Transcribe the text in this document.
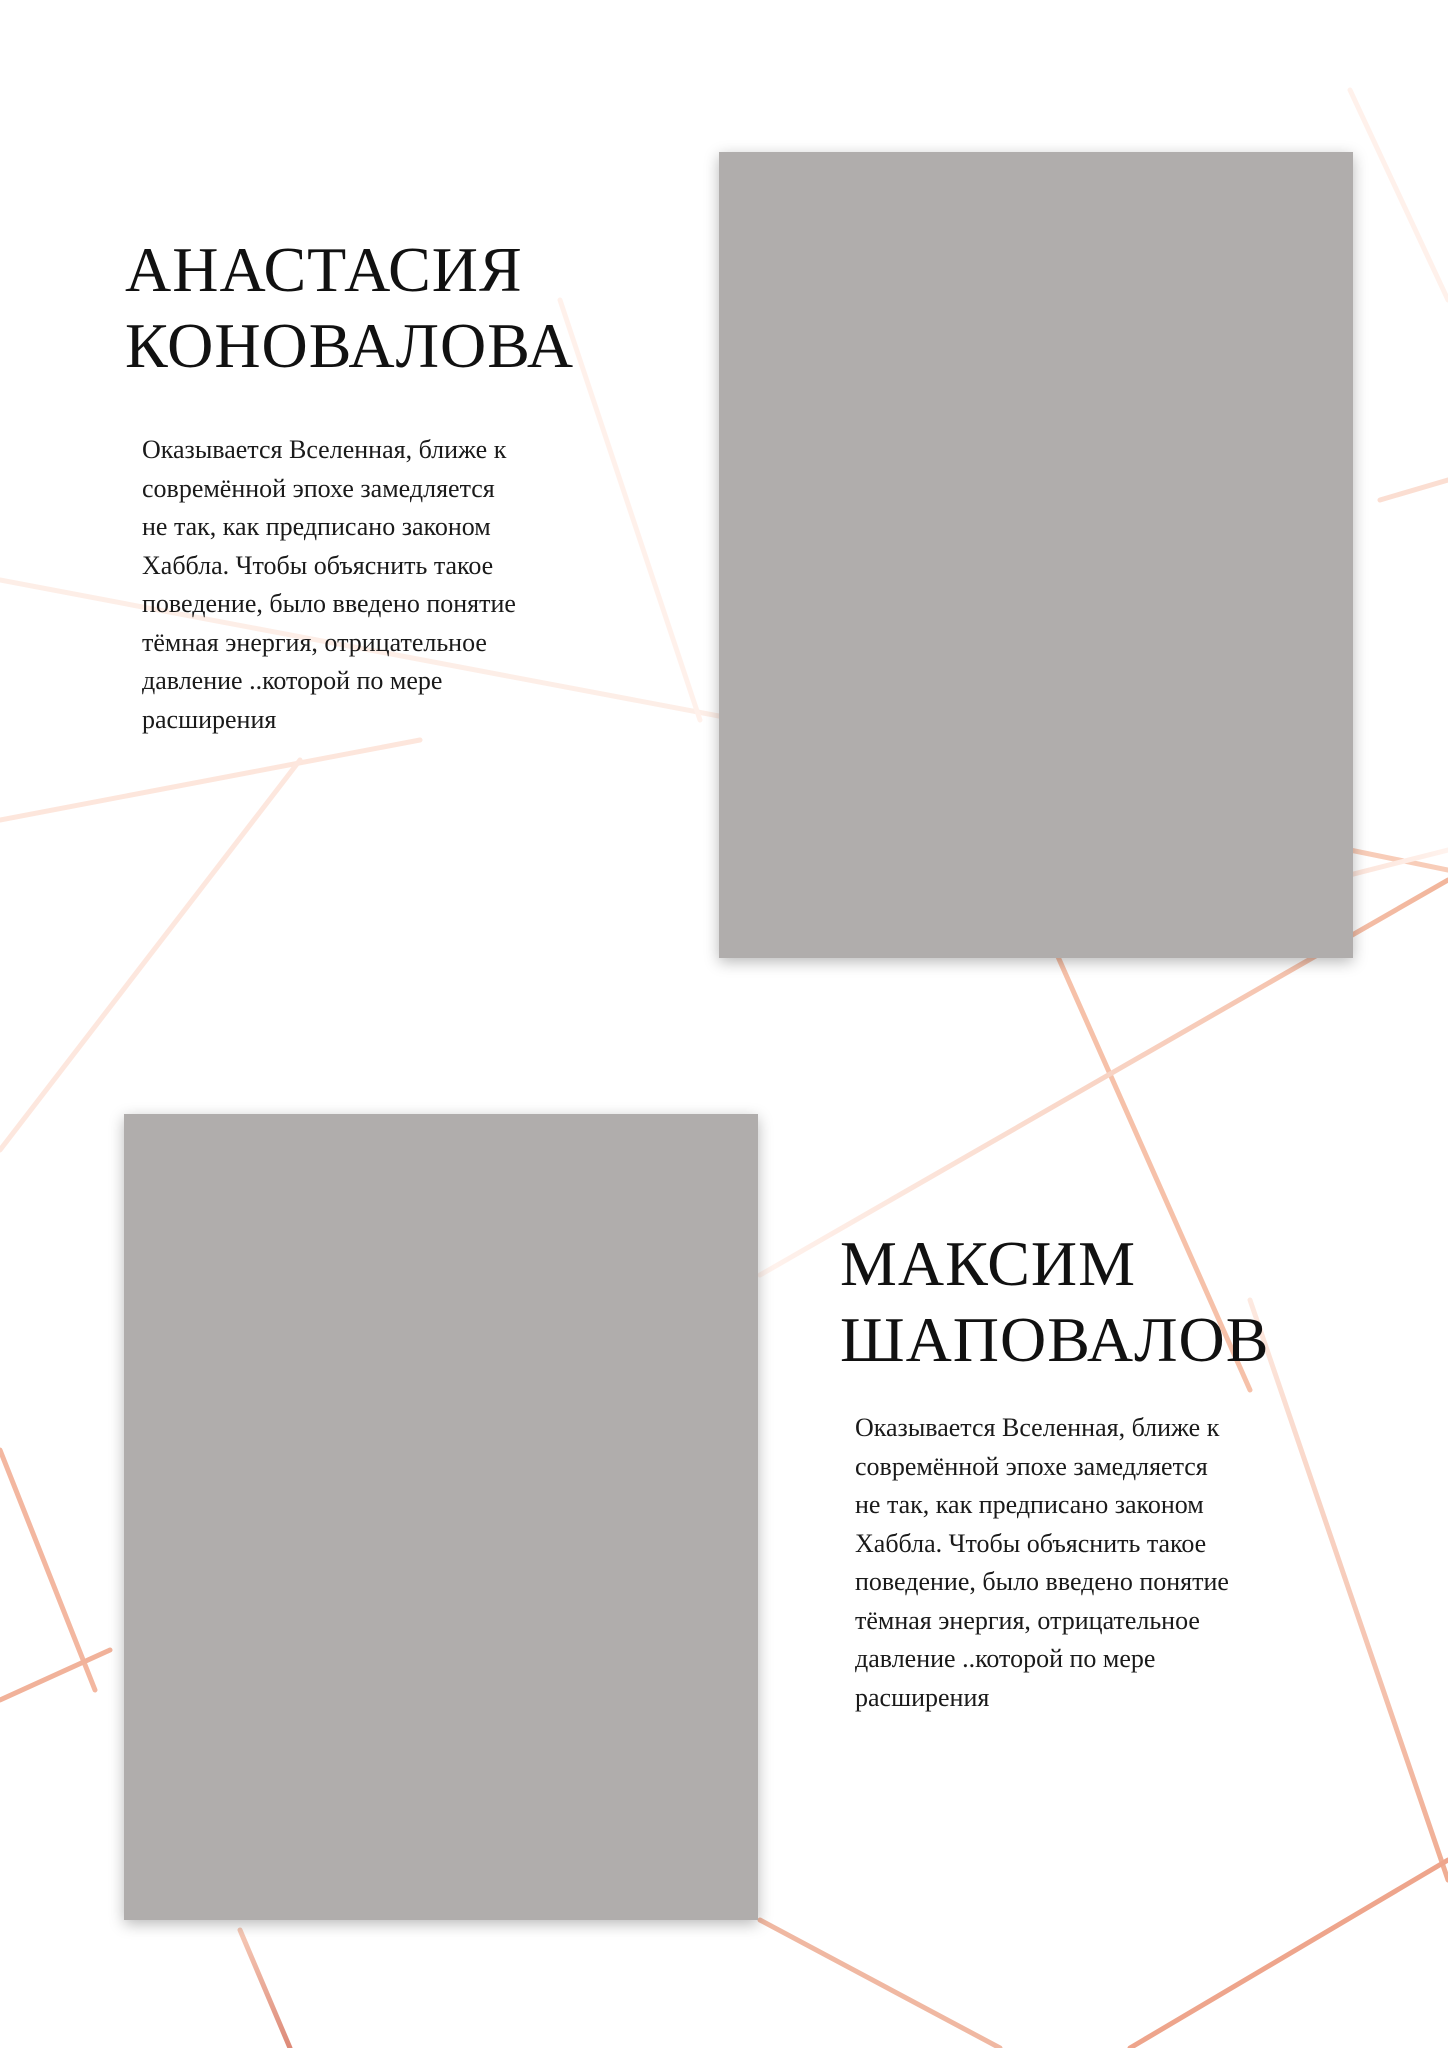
АНАСТАСИЯ
КОНОВАЛОВА

Оказывается Вселенная, ближе к
совремённой эпохе замедляется
не так, как предписано законом
Хаббла. Чтобы объяснить такое
поведение, было введено понятие
тёмная энергия, отрицательное
давление ..которой по мере
расширения

МАКСИМ
ШАПОВАЛОВ

Оказывается Вселенная, ближе к
совремённой эпохе замедляется
не так, как предписано законом
Хаббла. Чтобы объяснить такое
поведение, было введено понятие
тёмная энергия, отрицательное
давление ..которой по мере
расширения
